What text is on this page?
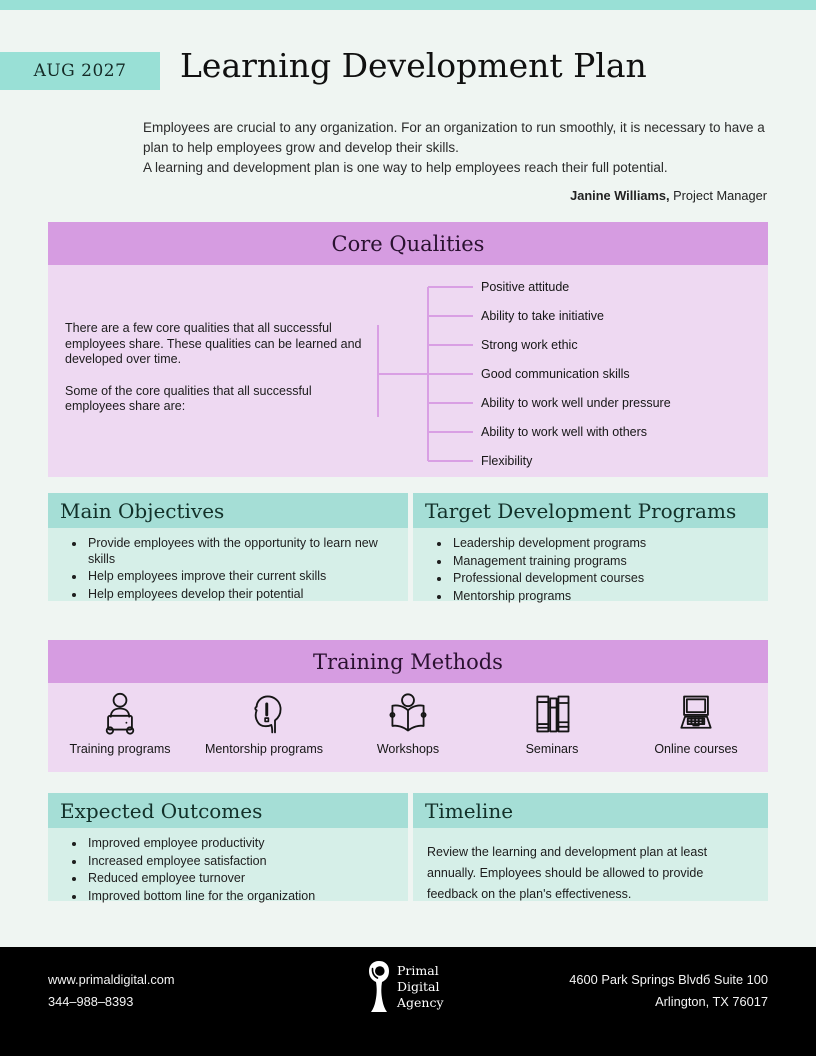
AUG 2027	Learning Development Plan
Employees are crucial to any organization. For an organization to run smoothly, it is necessary to have a plan to help employees grow and develop their skills.
A learning and development plan is one way to help employees reach their full potential.
Janine Williams, Project Manager
Core Qualities

There are a few core qualities that all successful employees share. These qualities can be learned and developed over time.

Some of the core qualities that all successful employees share are:

Positive attitude
Ability to take initiative
Strong work ethic
Good communication skills
Ability to work well under pressure
Ability to work well with others
Flexibility
Main Objectives
• Provide employees with the opportunity to learn new skills
• Help employees improve their current skills
• Help employees develop their potential
Target Development Programs
• Leadership development programs
• Management training programs
• Professional development courses
• Mentorship programs
Training Methods
Training programs	Mentorship programs	Workshops	Seminars	Online courses
Expected Outcomes
• Improved employee productivity
• Increased employee satisfaction
• Reduced employee turnover
• Improved bottom line for the organization
Timeline
Review the learning and development plan at least annually. Employees should be allowed to provide feedback on the plan's effectiveness.
www.primaldigital.com
344–988–8393
Primal
Digital
Agency
4600 Park Springs Blvdб Suite 100
Arlington, TX 76017
